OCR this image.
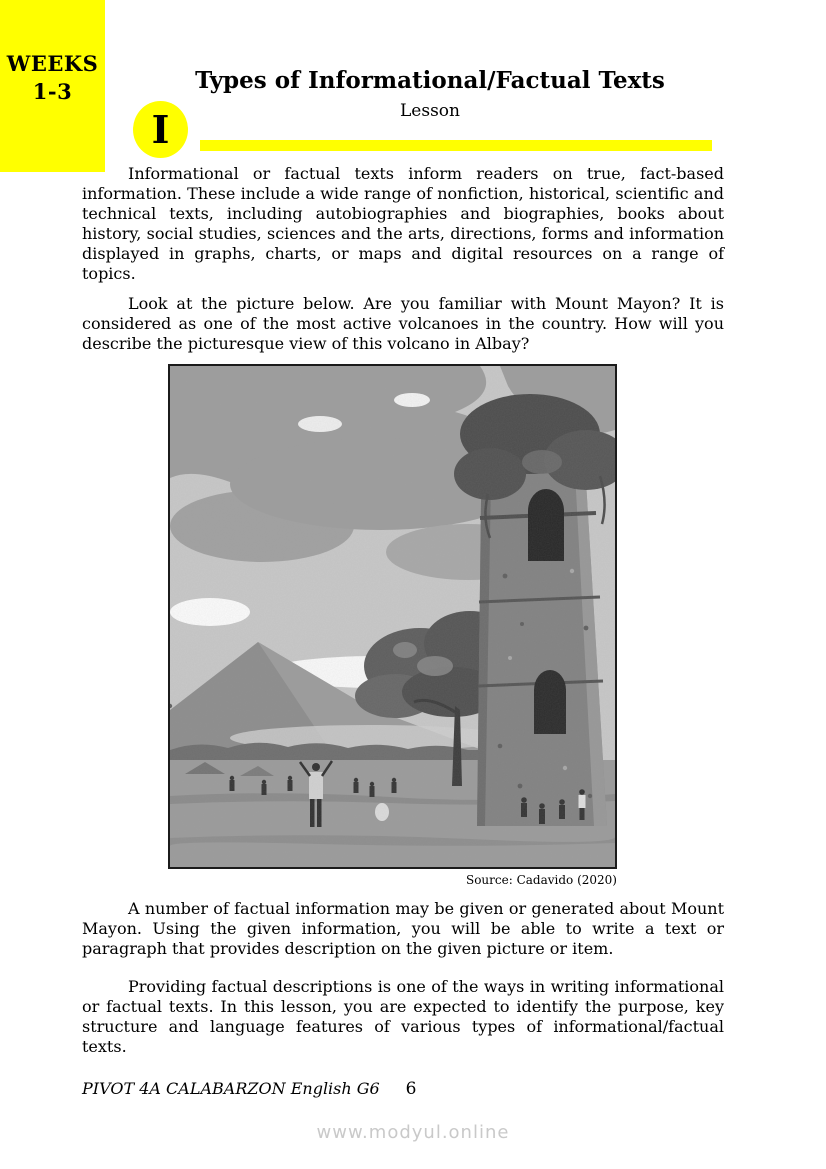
WEEKS
1-3	Types of Informational/Factual Texts
Lesson
I

Informational or factual texts inform readers on true, fact-based information. These include a wide range of nonfiction, historical, scientific and technical texts, including autobiographies and biographies, books about history, social studies, sciences and the arts, directions, forms and information displayed in graphs, charts, or maps and digital resources on a range of topics.

Look at the picture below. Are you familiar with Mount Mayon? It is considered as one of the most active volcanoes in the country. How will you describe the picturesque view of this volcano in Albay?

Source: Cadavido (2020)

A number of factual information may be given or generated about Mount Mayon. Using the given information, you will be able to write a text or paragraph that provides description on the given picture or item.

Providing factual descriptions is one of the ways in writing informational or factual texts. In this lesson, you are expected to identify the purpose, key structure and language features of various types of informational/factual texts.

PIVOT 4A CALABARZON English G6	6
www.modyul.online
